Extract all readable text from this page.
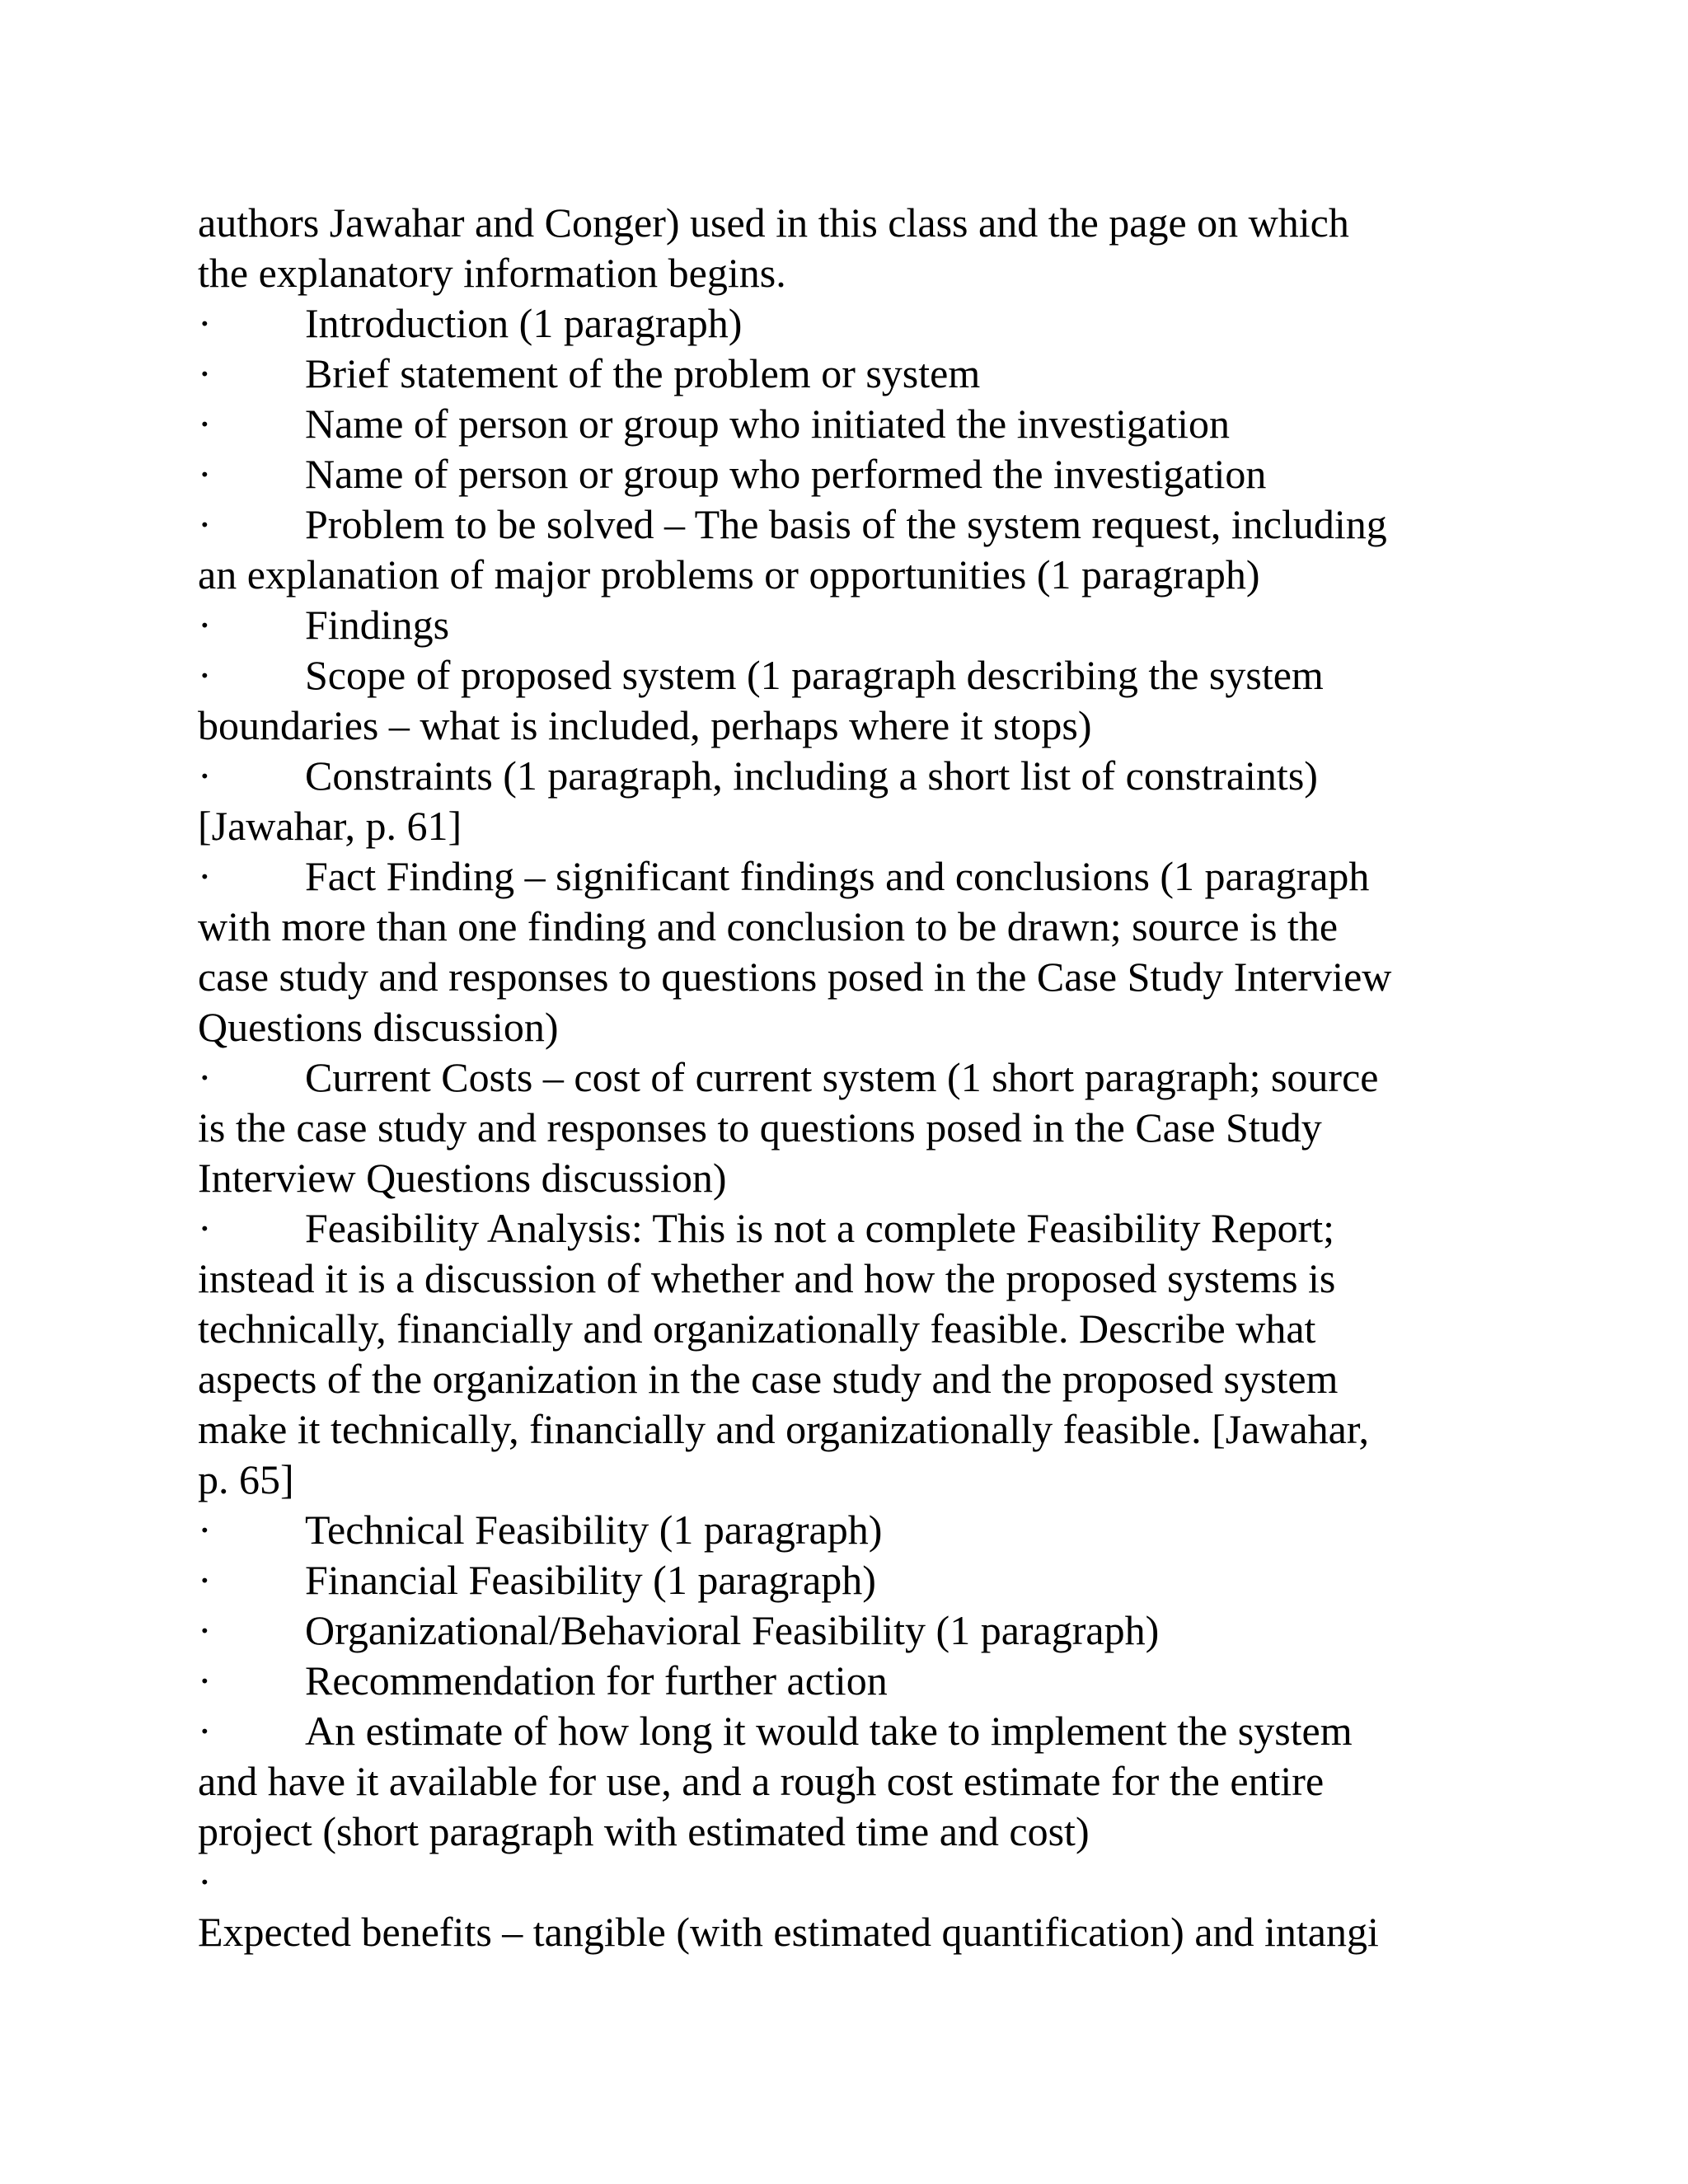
authors Jawahar and Conger) used in this class and the page on which
the explanatory information begins.
·	Introduction (1 paragraph)
·	Brief statement of the problem or system
·	Name of person or group who initiated the investigation
·	Name of person or group who performed the investigation
·	Problem to be solved – The basis of the system request, including
an explanation of major problems or opportunities (1 paragraph)
·	Findings
·	Scope of proposed system (1 paragraph describing the system
boundaries – what is included, perhaps where it stops)
·	Constraints (1 paragraph, including a short list of constraints)
[Jawahar, p. 61]
·	Fact Finding – significant findings and conclusions (1 paragraph
with more than one finding and conclusion to be drawn; source is the
case study and responses to questions posed in the Case Study Interview
Questions discussion)
·	Current Costs – cost of current system (1 short paragraph; source
is the case study and responses to questions posed in the Case Study
Interview Questions discussion)
·	Feasibility Analysis: This is not a complete Feasibility Report;
instead it is a discussion of whether and how the proposed systems is
technically, financially and organizationally feasible. Describe what
aspects of the organization in the case study and the proposed system
make it technically, financially and organizationally feasible. [Jawahar,
p. 65]
·	Technical Feasibility (1 paragraph)
·	Financial Feasibility (1 paragraph)
·	Organizational/Behavioral Feasibility (1 paragraph)
·	Recommendation for further action
·	An estimate of how long it would take to implement the system
and have it available for use, and a rough cost estimate for the entire
project (short paragraph with estimated time and cost)
·
Expected benefits – tangible (with estimated quantification) and intangi
